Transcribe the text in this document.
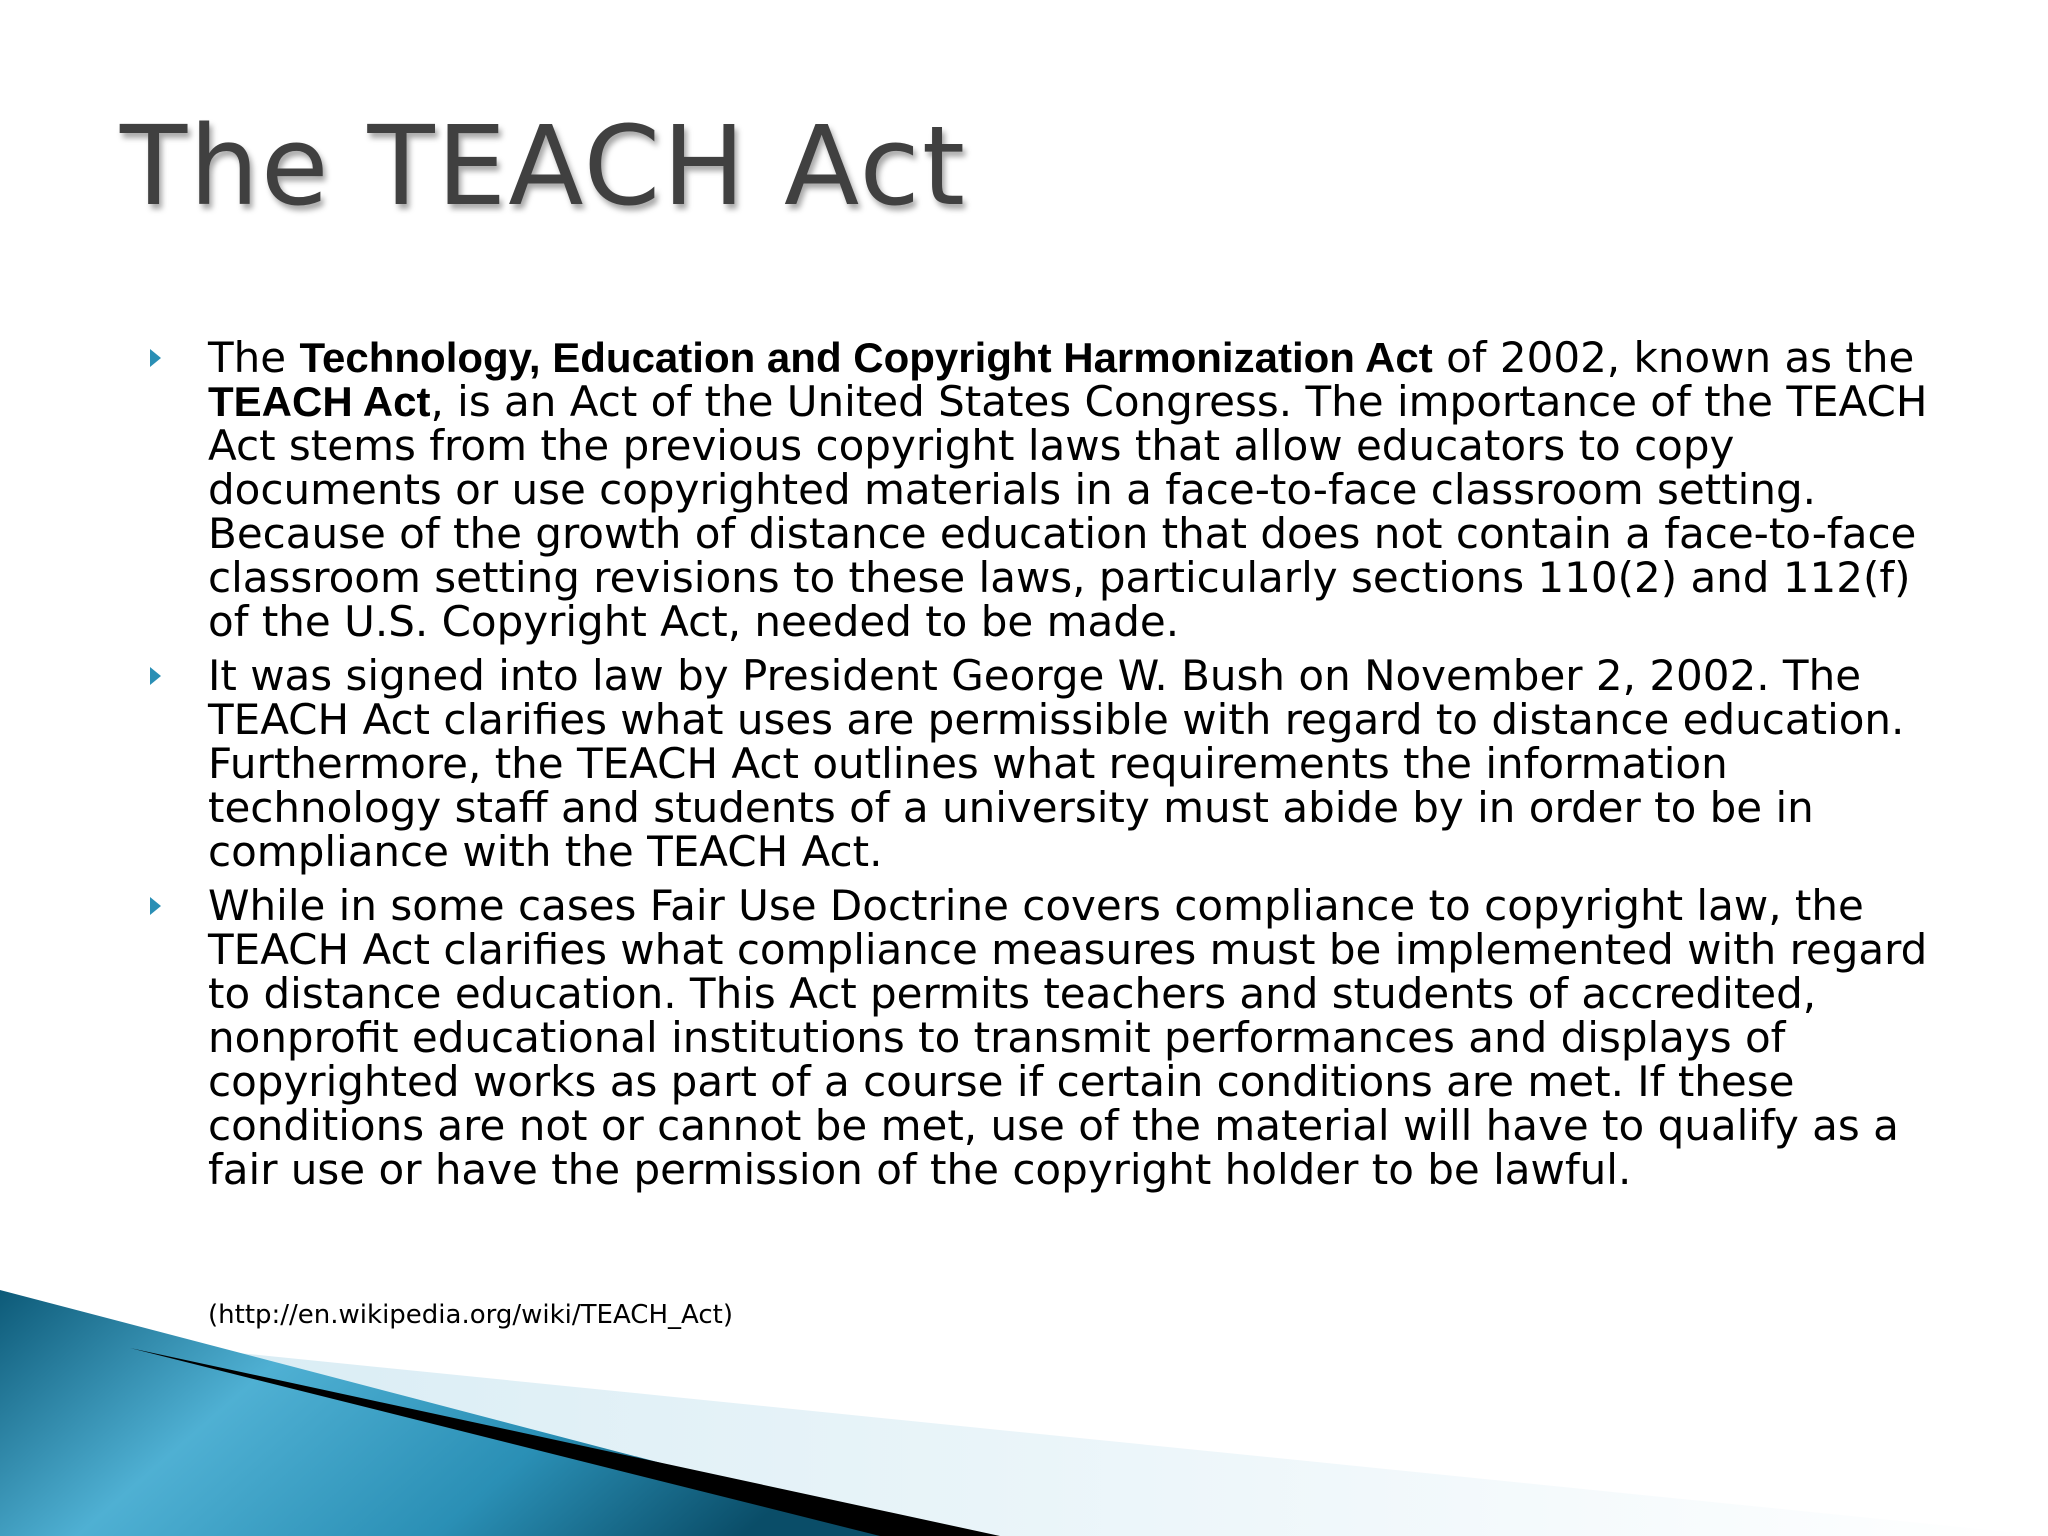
The TEACH Act
The Technology, Education and Copyright Harmonization Act of 2002, known as the TEACH Act, is an Act of the United States Congress. The importance of the TEACH Act stems from the previous copyright laws that allow educators to copy documents or use copyrighted materials in a face-to-face classroom setting. Because of the growth of distance education that does not contain a face-to-face classroom setting revisions to these laws, particularly sections 110(2) and 112(f) of the U.S. Copyright Act, needed to be made.
It was signed into law by President George W. Bush on November 2, 2002. The TEACH Act clarifies what uses are permissible with regard to distance education. Furthermore, the TEACH Act outlines what requirements the information technology staff and students of a university must abide by in order to be in compliance with the TEACH Act.
While in some cases Fair Use Doctrine covers compliance to copyright law, the TEACH Act clarifies what compliance measures must be implemented with regard to distance education. This Act permits teachers and students of accredited, nonprofit educational institutions to transmit performances and displays of copyrighted works as part of a course if certain conditions are met. If these conditions are not or cannot be met, use of the material will have to qualify as a fair use or have the permission of the copyright holder to be lawful.
(http://en.wikipedia.org/wiki/TEACH_Act)
